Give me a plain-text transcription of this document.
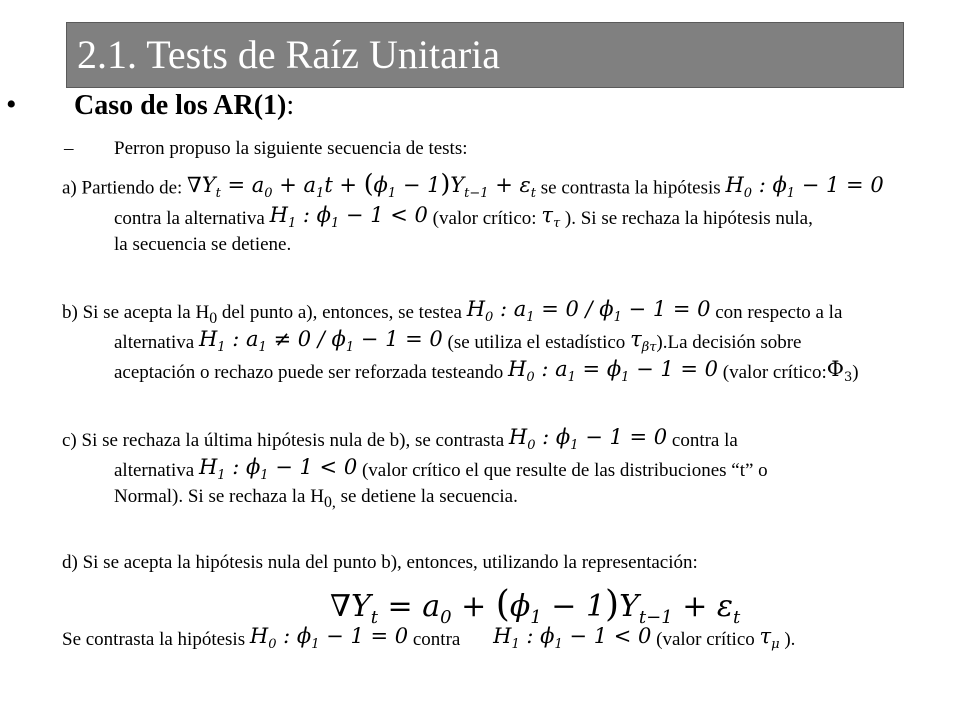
2.1. Tests de Raíz Unitaria
• Caso de los AR(1):
– Perron propuso la siguiente secuencia de tests:
a) Partiendo de: $\nabla Y_t = a_0 + a_1t + (\phi_1 - 1)Y_{t-1} + \varepsilon_t$ se contrasta la hipótesis $H_0$ : $\phi_1 - 1 = 0$
contra la alternativa $H_1$ : $\phi_1 - 1 < 0$ (valor crítico: $\tau_\tau$ ). Si se rechaza la hipótesis nula,
la secuencia se detiene.
b) Si se acepta la $H_0$ del punto a), entonces, se testea $H_0$ : $a_1 = 0 / \phi_1 - 1 = 0$ con respecto a la
alternativa $H_1$ : $a_1 \ne 0 / \phi_1 - 1 = 0$ (se utiliza el estadístico $\tau_{\beta\tau}).La$ decisión sobre
aceptación o rechazo puede ser reforzada testeando $H_0$ : $a_1 = \phi_1 - 1 = 0$ (valor $crítico:\Phi_3$)
c) Si se rechaza la última hipótesis nula de b), se contrasta $H_0$ : $\phi_1 - 1 = 0$ contra la
alternativa $H_1$ : $\phi_1 - 1 < 0$ (valor crítico el que resulte de las distribuciones “t” o
Normal). Si se rechaza la $H_{0,}$ se detiene la secuencia.
d) Si se acepta la hipótesis nula del punto b), entonces, utilizando la representación:
$\nabla Y_t = a_0 + (\phi_1 - 1)Y_{t-1} + \varepsilon_t$
Se contrasta la hipótesis $H_0$ : $\phi_1 - 1 = 0$ contra $H_1$ : $\phi_1 - 1 < 0$ (valor crítico $\tau_\mu$ ).
